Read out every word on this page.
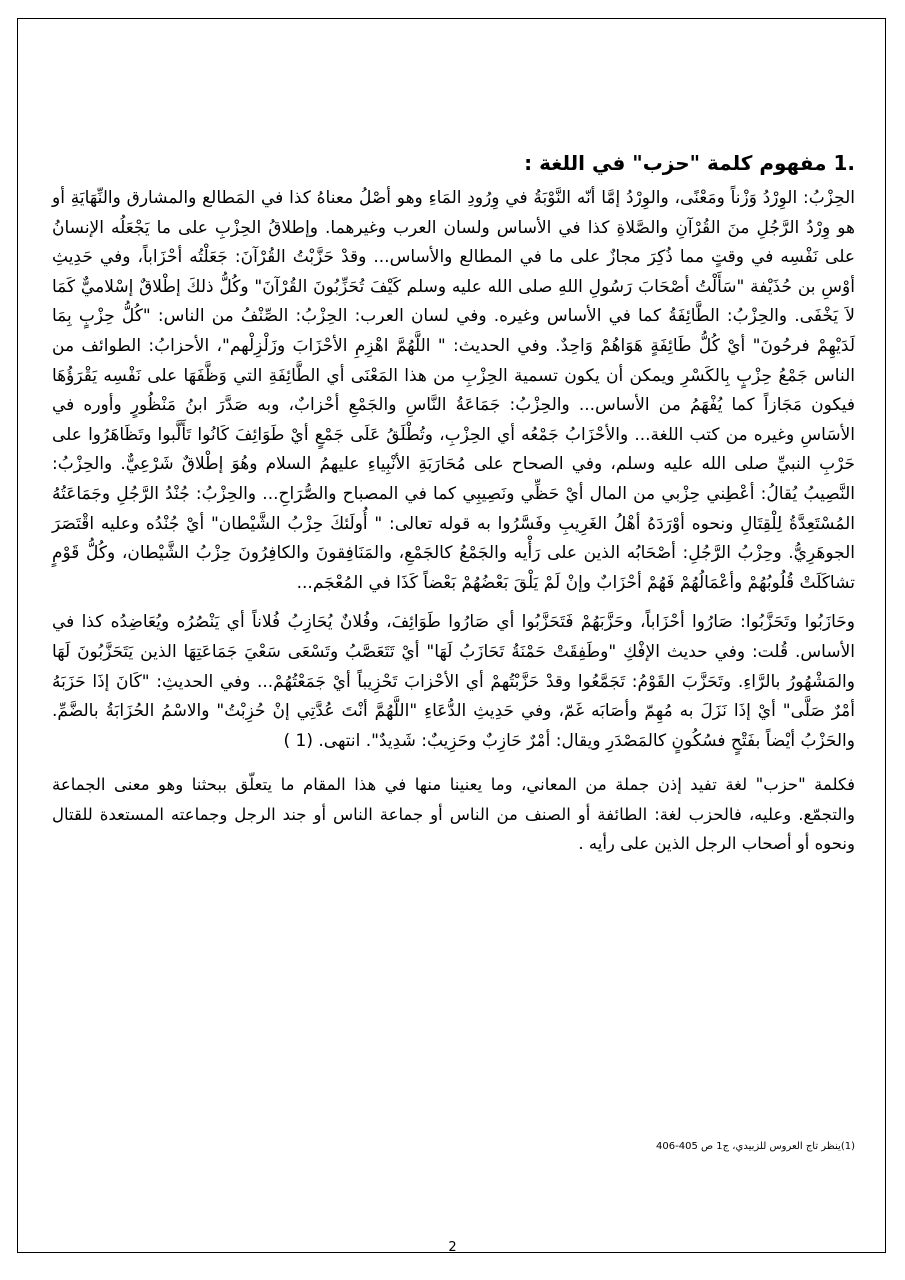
.1 مفهوم كلمة "حزب" في اللغة :

الحِزْبُ: الوِرْدُ وَزْناً ومَعْنًى، والوِرْدُ إمَّا أنّه النَّوْبَةُ في وِرُودِ المَاءِ وهو أصْلُ معناهُ كذا في المَطالع والمشارق والنِّهَايَةِ أو هو وِرْدُ الرَّجُلِ منَ القُرْآنِ والصَّلاةِ كذا في الأساس ولسان العرب وغيرهما. وإطلاقُ الحِزْبِ على ما يَجْعَلُه الإنسانُ على نَفْسِه في وقتٍ مما ذُكِرَ مجازٌ على ما في المطالع والأساس... وقدْ حَزَّبْتُ القُرْآنَ: جَعَلْتُه أحْزَاباً، وفي حَدِيثِ أوْسِ بن حُذَيْفة "سَأَلْتُ أصْحَابَ رَسُولِ اللهِ صلى الله عليه وسلم كَيْفَ تُحَزِّبُونَ القُرْآنَ" وكُلُّ ذلكَ إطْلاقٌ إسْلاميٌّ كَمَا لاَ يَخْفَى. والحِزْبُ: الطَّائِفَةُ كما في الأساس وغيره. وفي لسان العرب: الحِزْبُ: الصِّنْفُ من الناس: "كُلُّ حِزْبٍ بِمَا لَدَيْهِمْ فرحُونَ" أيْ كُلُّ طَائِفَةٍ هَوَاهُمْ وَاحِدٌ. وفي الحديث: " اللَّهُمَّ اهْزِمِ الأحْزَابَ وزَلْزِلْهم"، الأحزابُ: الطوائف من الناس جَمْعُ حِزْبٍ بِالكَسْرِ ويمكن أن يكون تسمية الحِزْبِ من هذا المَعْنَى أي الطَّائِفَةِ التي وَظَّفَهَا على نَفْسِه يَقْرَؤُهَا فيكون مَجَازاً كما يُفْهَمُ من الأساس... والحِزْبُ: جَمَاعَةُ النَّاسِ والجَمْعِ أحْزابٌ، وبه صَدَّرَ ابنُ مَنْظُورٍ وأوره في الأسَاسِ وغيره من كتب اللغة... والأحْزَابُ جَمْعُه أي الحِزْبِ، وتُطْلَقُ عَلَى جَمْعٍ أيْ طَوَائِفَ كَانُوا تَأَلَّبوا وتَظَاهَرُوا على حَرْبِ النبيِّ صلى الله عليه وسلم، وفي الصحاح على مُحَارَبَةِ الأنْبِياءِ عليهمُ السلام وهُوَ إطْلاقٌ شَرْعِيٌّ. والحِزْبُ: النَّصِيبُ يُقالُ: أعْطِني حِزْبي من المال أيْ حَظِّي ونَصِيبِي كما في المصباح والصُّرَاحِ... والحِزْبُ: جُنْدُ الرَّجُلِ وجَمَاعَتُهُ المُسْتَعِدَّةُ لِلْقِتَالِ ونحوه أوْرَدَهُ أهْلُ الغَرِيبِ وفَسَّرُوا به قوله تعالى: " أُولَئكَ حِزْبُ الشَّيْطان" أيْ جُنْدُه وعليه اقْتَصَرَ الجوهَرِيُّ. وحِزْبُ الرَّجُلِ: أصْحَابُه الذين على رَأْيه والجَمْعُ كالجَمْعِ، والمَنَافِقونَ والكافِرُونَ حِزْبُ الشَّيْطان، وكُلُّ قَوْمٍ تشاكَلَتْ قُلُوبُهُمْ وأعْمَالُهُمْ فَهُمْ أحْزَابٌ وإنْ لَمْ يَلْقَ بَعْضُهُمْ بَعْضاً كَذَا في المُعْجَم...

وحَازَبُوا وتَحَزَّبُوا: صَارُوا أحْزَاباً، وحَزَّبَهُمْ فَتَحَزَّبُوا أي صَارُوا طَوَائِفَ، وفُلانٌ يُحَازِبُ فُلاناً أي يَنْصُرُه ويُعَاضِدُه كذا في الأساس. قُلت: وفي حديث الإفْكِ "وطَفِقَتْ حَمْنَةُ تَحَازَبُ لَهَا" أيْ تَتَعَصَّبُ وتَسْعَى سَعْيَ جَمَاعَتِهَا الذين يَتَحَزَّبُونَ لَهَا والمَشْهُورُ بالرَّاءِ. وتَحَزَّبَ القَوْمُ: تَجَمَّعُوا وقدْ حَزَّبْتُهمْ أي الأحْزابَ تَحْزِيباً أيْ جَمَعْتُهُمْ... وفي الحديثِ: "كَانَ إذَا حَزَبَهُ أمْرٌ صَلَّى" أيْ إذَا نَزَلَ به مُهِمّ وأصَابَه غَمّ، وفي حَدِيثِ الدُّعَاءِ "اللَّهُمَّ أنْتَ عُدَّتِي إنْ حُزِبْتُ" والاسْمُ الحُزَابَةُ بالضَّمِّ. والحَزْبُ أيْضاً بفَتْحٍ فسُكُونٍ كالمَصْدَرِ ويقال: أمْرٌ حَازِبٌ وحَزِيبٌ: شَدِيدٌ". انتهى. (1 )

فكلمة "حزب" لغة تفيد إذن جملة من المعاني، وما يعنينا منها في هذا المقام ما يتعلّق ببحثنا وهو معنى الجماعة والتجمّع. وعليه، فالحزب لغة: الطائفة أو الصنف من الناس أو جماعة الناس أو جند الرجل وجماعته المستعدة للقتال ونحوه أو أصحاب الرجل الذين على رأيه .

(1)ينظر تاج العروس للزبيدي، ج1 ص 405-406
2
